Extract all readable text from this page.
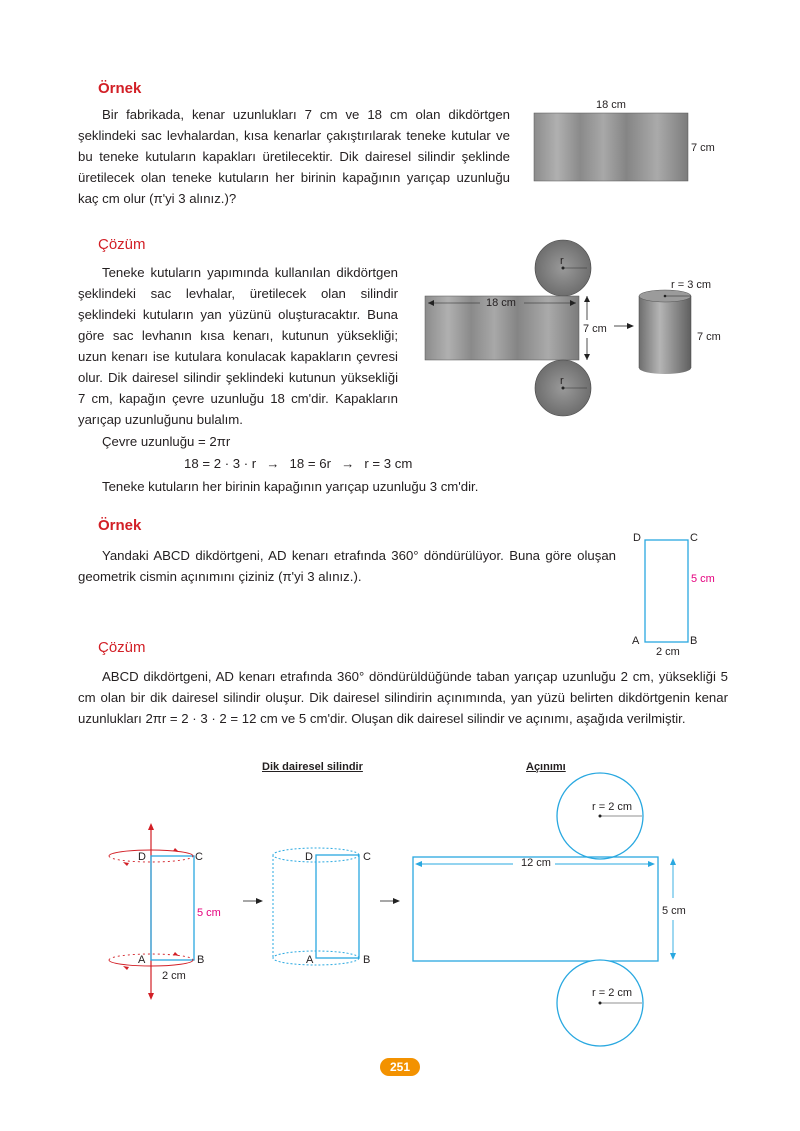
Örnek
Bir fabrikada, kenar uzunlukları 7 cm ve 18 cm olan dikdörtgen şeklindeki sac levhalardan, kısa kenarlar çakıştırılarak teneke kutular ve bu teneke kutuların kapakları üretilecektir. Dik dairesel silindir şeklinde üretilecek olan teneke kutuların her birinin kapağının yarıçap uzunluğu kaç cm olur (π'yi 3 alınız.)?
18 cm
7 cm
Çözüm
Teneke kutuların yapımında kullanılan dikdörtgen şeklindeki sac levhalar, üretilecek olan silindir şeklindeki kutuların yan yüzünü oluşturacaktır. Buna göre sac levhanın kısa kenarı, kutunun yüksekliği; uzun kenarı ise kutulara konulacak kapakların çevresi olur. Dik dairesel silindir şeklindeki kutunun yüksekliği 7 cm, kapağın çevre uzunluğu 18 cm'dir. Kapakların yarıçap uzunluğunu bulalım.
Çevre uzunluğu = 2πr
18 = 2 · 3 · r → 18 = 6r → r = 3 cm
Teneke kutuların her birinin kapağının yarıçap uzunluğu 3 cm'dir.
r
r
18 cm
7 cm
r = 3 cm
7 cm
Örnek
Yandaki ABCD dikdörtgeni, AD kenarı etrafında 360° döndürülüyor. Buna göre oluşan geometrik cismin açınımını çiziniz (π'yi 3 alınız.).
D	C
A	B
5 cm
2 cm
Çözüm
ABCD dikdörtgeni, AD kenarı etrafında 360° döndürüldüğünde taban yarıçap uzunluğu 2 cm, yüksekliği 5 cm olan bir dik dairesel silindir oluşur. Dik dairesel silindirin açınımında, yan yüzü belirten dikdörtgenin kenar uzunlukları 2πr = 2 · 3 · 2 = 12 cm ve 5 cm'dir. Oluşan dik dairesel silindir ve açınımı, aşağıda verilmiştir.
Dik dairesel silindir	Açınımı
D	C
A	B
5 cm
2 cm
D	C
A	B
r = 2 cm
r = 2 cm
12 cm
5 cm
251
